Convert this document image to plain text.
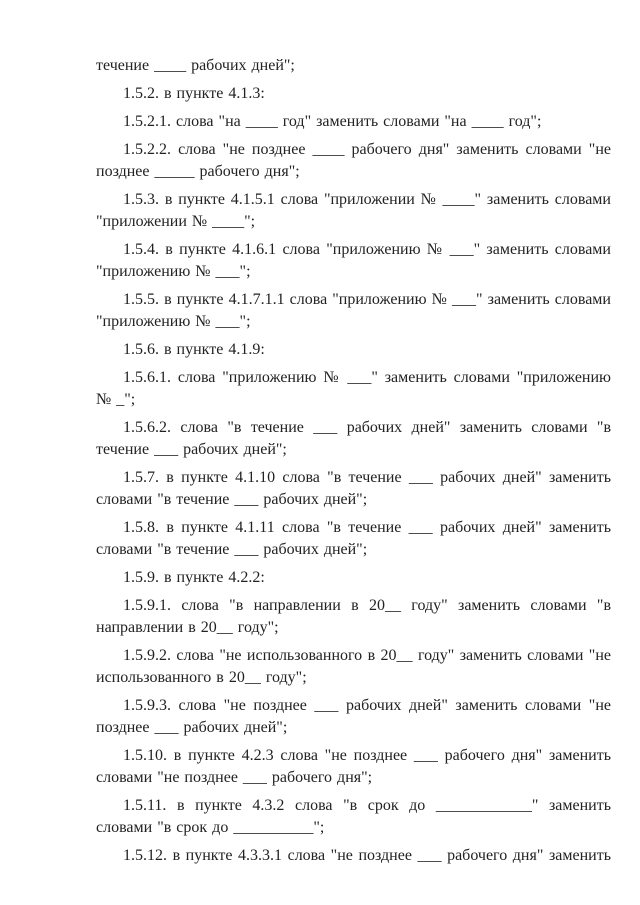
течение ____ рабочих дней";

1.5.2. в пункте 4.1.3:

1.5.2.1. слова "на ____ год" заменить словами "на ____ год";

1.5.2.2. слова "не позднее ____ рабочего дня" заменить словами "не позднее _____ рабочего дня";

1.5.3. в пункте 4.1.5.1 слова "приложении № ____" заменить словами "приложении № ____";

1.5.4. в пункте 4.1.6.1 слова "приложению № ___" заменить словами "приложению № ___";

1.5.5. в пункте 4.1.7.1.1 слова "приложению № ___" заменить словами "приложению № ___";

1.5.6. в пункте 4.1.9:

1.5.6.1. слова "приложению № ___" заменить словами "приложению № _";

1.5.6.2. слова "в течение ___ рабочих дней" заменить словами "в течение ___ рабочих дней";

1.5.7. в пункте 4.1.10 слова "в течение ___ рабочих дней" заменить словами "в течение ___ рабочих дней";

1.5.8. в пункте 4.1.11 слова "в течение ___ рабочих дней" заменить словами "в течение ___ рабочих дней";

1.5.9. в пункте 4.2.2:

1.5.9.1. слова "в направлении в 20__ году" заменить словами "в направлении в 20__ году";

1.5.9.2. слова "не использованного в 20__ году" заменить словами "не использованного в 20__ году";

1.5.9.3. слова "не позднее ___ рабочих дней" заменить словами "не позднее ___ рабочих дней";

1.5.10. в пункте 4.2.3 слова "не позднее ___ рабочего дня" заменить словами "не позднее ___ рабочего дня";

1.5.11. в пункте 4.3.2 слова "в срок до ____________" заменить словами "в срок до __________";

1.5.12. в пункте 4.3.3.1 слова "не позднее ___ рабочего дня" заменить
